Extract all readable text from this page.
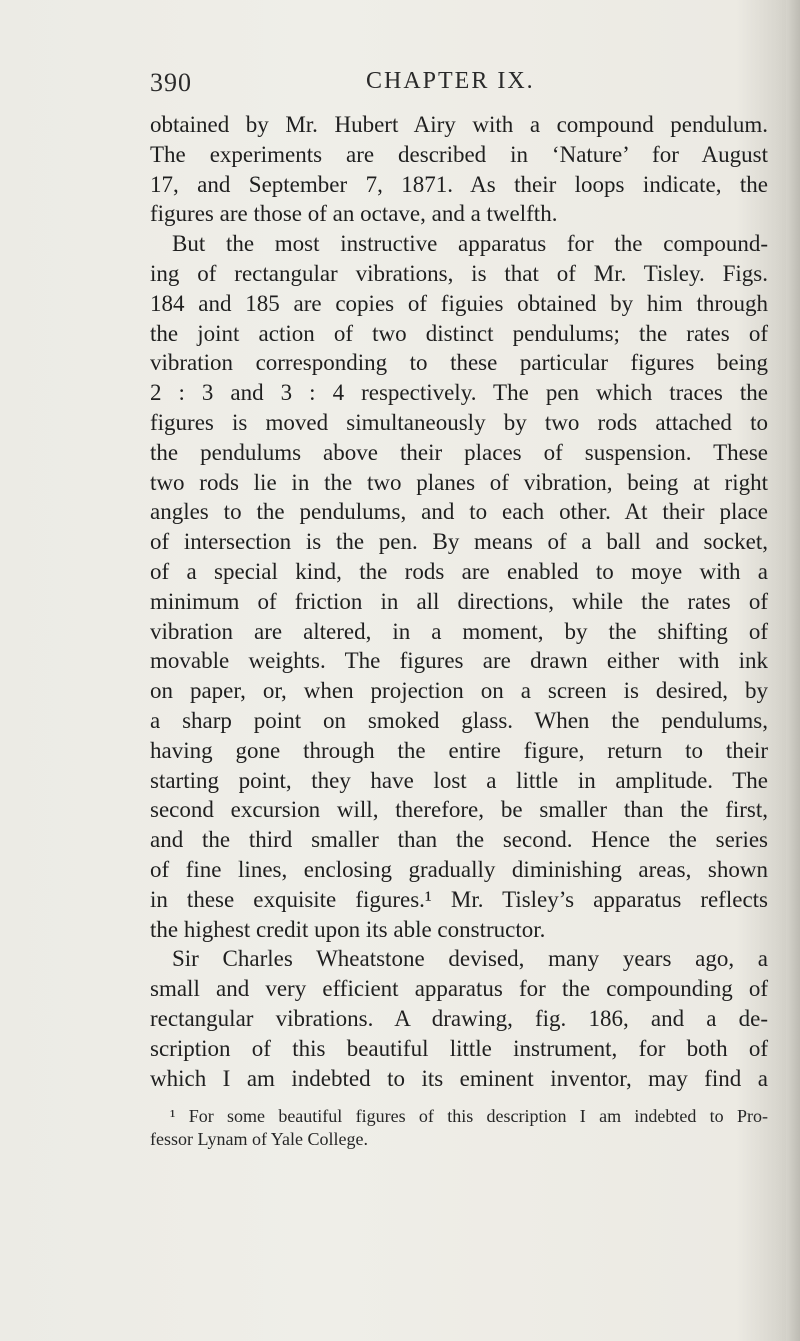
390	CHAPTER IX.
obtained by Mr. Hubert Airy with a compound pendulum.
The experiments are described in ‘Nature’ for August
17, and September 7, 1871. As their loops indicate, the
figures are those of an octave, and a twelfth.
But the most instructive apparatus for the compound-
ing of rectangular vibrations, is that of Mr. Tisley. Figs.
184 and 185 are copies of figuies obtained by him through
the joint action of two distinct pendulums; the rates of
vibration corresponding to these particular figures being
2 : 3 and 3 : 4 respectively. The pen which traces the
figures is moved simultaneously by two rods attached to
the pendulums above their places of suspension. These
two rods lie in the two planes of vibration, being at right
angles to the pendulums, and to each other. At their place
of intersection is the pen. By means of a ball and socket,
of a special kind, the rods are enabled to moye with a
minimum of friction in all directions, while the rates of
vibration are altered, in a moment, by the shifting of
movable weights. The figures are drawn either with ink
on paper, or, when projection on a screen is desired, by
a sharp point on smoked glass. When the pendulums,
having gone through the entire figure, return to their
starting point, they have lost a little in amplitude. The
second excursion will, therefore, be smaller than the first,
and the third smaller than the second. Hence the series
of fine lines, enclosing gradually diminishing areas, shown
in these exquisite figures.¹ Mr. Tisley’s apparatus reflects
the highest credit upon its able constructor.
Sir Charles Wheatstone devised, many years ago, a
small and very efficient apparatus for the compounding of
rectangular vibrations. A drawing, fig. 186, and a de-
scription of this beautiful little instrument, for both of
which I am indebted to its eminent inventor, may find a
¹ For some beautiful figures of this description I am indebted to Pro-
fessor Lynam of Yale College.
